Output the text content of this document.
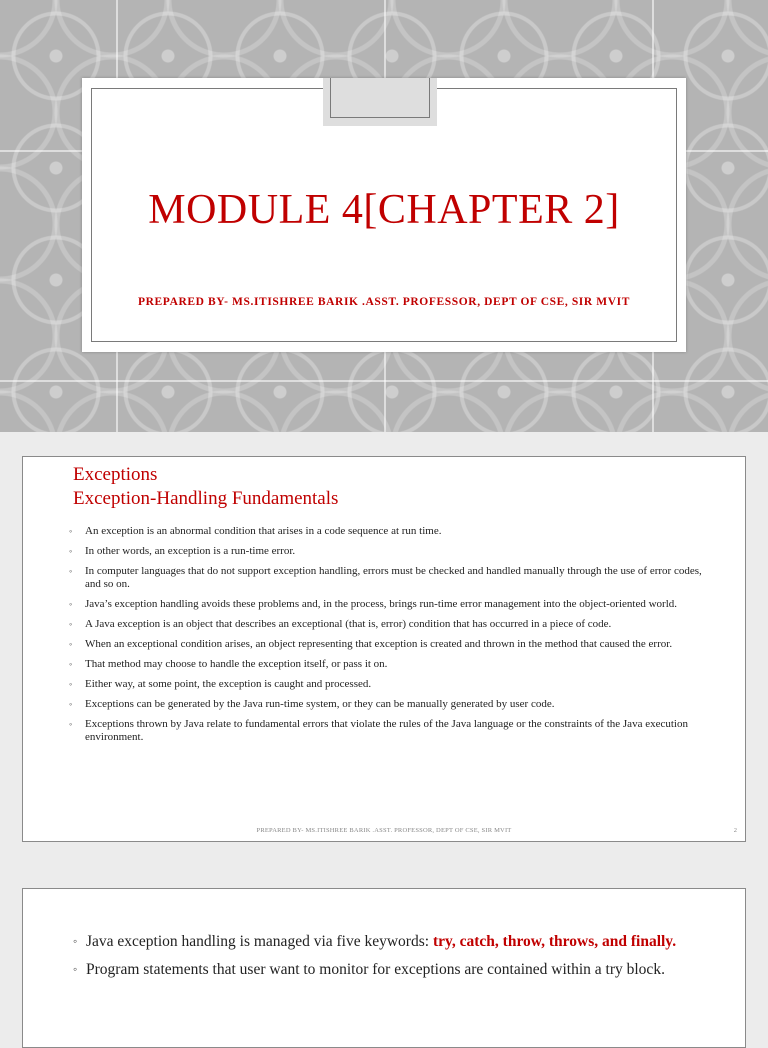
MODULE 4[CHAPTER 2]
PREPARED BY- MS.ITISHREE BARIK .ASST. PROFESSOR, DEPT OF CSE, SIR MVIT
Exceptions
Exception-Handling Fundamentals
◦ An exception is an abnormal condition that arises in a code sequence at run time.
◦ In other words, an exception is a run-time error.
◦ In computer languages that do not support exception handling, errors must be checked and handled manually through the use of error codes, and so on.
◦ Java’s exception handling avoids these problems and, in the process, brings run-time error management into the object-oriented world.
◦ A Java exception is an object that describes an exceptional (that is, error) condition that has occurred in a piece of code.
◦ When an exceptional condition arises, an object representing that exception is created and thrown in the method that caused the error.
◦ That method may choose to handle the exception itself, or pass it on.
◦ Either way, at some point, the exception is caught and processed.
◦ Exceptions can be generated by the Java run-time system, or they can be manually generated by user code.
◦ Exceptions thrown by Java relate to fundamental errors that violate the rules of the Java language or the constraints of the Java execution environment.
PREPARED BY- MS.ITISHREE BARIK .ASST. PROFESSOR, DEPT OF CSE, SIR MVIT	2
◦ Java exception handling is managed via five keywords: try, catch, throw, throws, and finally.
◦ Program statements that user want to monitor for exceptions are contained within a try block.
